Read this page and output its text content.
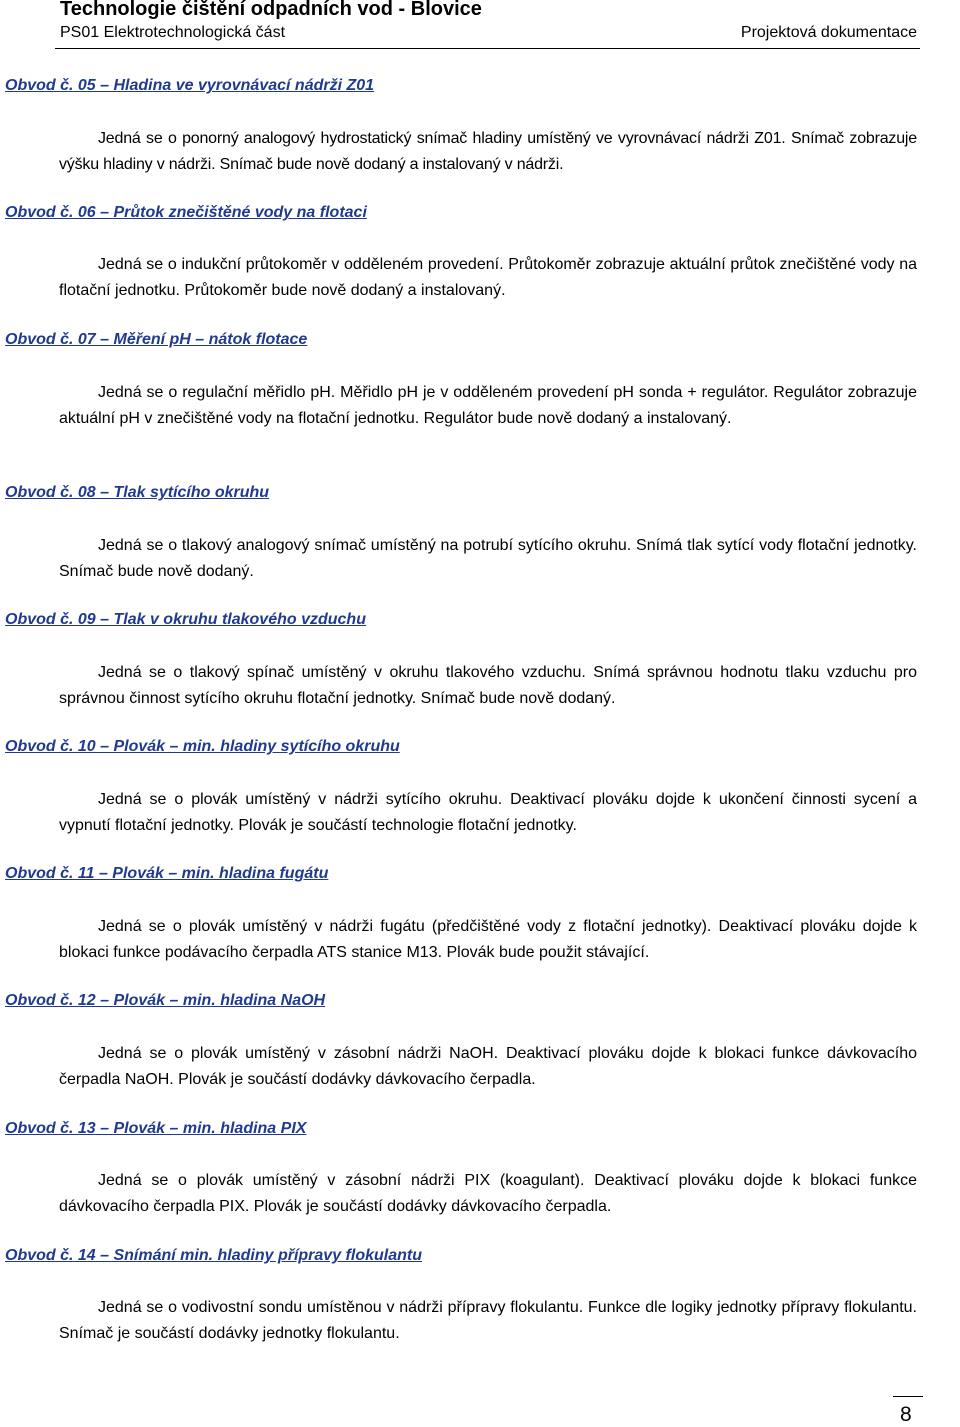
Technologie čištění odpadních vod - Blovice
PS01 Elektrotechnologická část	Projektová dokumentace
Obvod č. 05 – Hladina ve vyrovnávací nádrži Z01
Jedná se o ponorný analogový hydrostatický snímač hladiny umístěný ve vyrovnávací nádrži Z01. Snímač zobrazuje výšku hladiny v nádrži. Snímač bude nově dodaný a instalovaný v nádrži.
Obvod č. 06 – Průtok znečištěné vody na flotaci
Jedná se o indukční průtokoměr v odděleném provedení. Průtokoměr zobrazuje aktuální průtok znečištěné vody na flotační jednotku. Průtokoměr bude nově dodaný a instalovaný.
Obvod č. 07 – Měření pH – nátok flotace
Jedná se o regulační měřidlo pH. Měřidlo pH je v odděleném provedení pH sonda + regulátor. Regulátor zobrazuje aktuální pH v znečištěné vody na flotační jednotku. Regulátor bude nově dodaný a instalovaný.
Obvod č. 08 – Tlak sytícího okruhu
Jedná se o tlakový analogový snímač umístěný na potrubí sytícího okruhu. Snímá tlak sytící vody flotační jednotky. Snímač bude nově dodaný.
Obvod č. 09 – Tlak v okruhu tlakového vzduchu
Jedná se o tlakový spínač umístěný v okruhu tlakového vzduchu. Snímá správnou hodnotu tlaku vzduchu pro správnou činnost sytícího okruhu flotační jednotky. Snímač bude nově dodaný.
Obvod č. 10 – Plovák – min. hladiny sytícího okruhu
Jedná se o plovák umístěný v nádrži sytícího okruhu. Deaktivací plováku dojde k ukončení činnosti sycení a vypnutí flotační jednotky. Plovák je součástí technologie flotační jednotky.
Obvod č. 11 – Plovák – min. hladina fugátu
Jedná se o plovák umístěný v nádrži fugátu (předčištěné vody z flotační jednotky). Deaktivací plováku dojde k blokaci funkce podávacího čerpadla ATS stanice M13. Plovák bude použit stávající.
Obvod č. 12 – Plovák – min. hladina NaOH
Jedná se o plovák umístěný v zásobní nádrži NaOH. Deaktivací plováku dojde k blokaci funkce dávkovacího čerpadla NaOH. Plovák je součástí dodávky dávkovacího čerpadla.
Obvod č. 13 – Plovák – min. hladina PIX
Jedná se o plovák umístěný v zásobní nádrži PIX (koagulant). Deaktivací plováku dojde k blokaci funkce dávkovacího čerpadla PIX. Plovák je součástí dodávky dávkovacího čerpadla.
Obvod č. 14 – Snímání min. hladiny přípravy flokulantu
Jedná se o vodivostní sondu umístěnou v nádrži přípravy flokulantu. Funkce dle logiky jednotky přípravy flokulantu. Snímač je součástí dodávky jednotky flokulantu.
8
